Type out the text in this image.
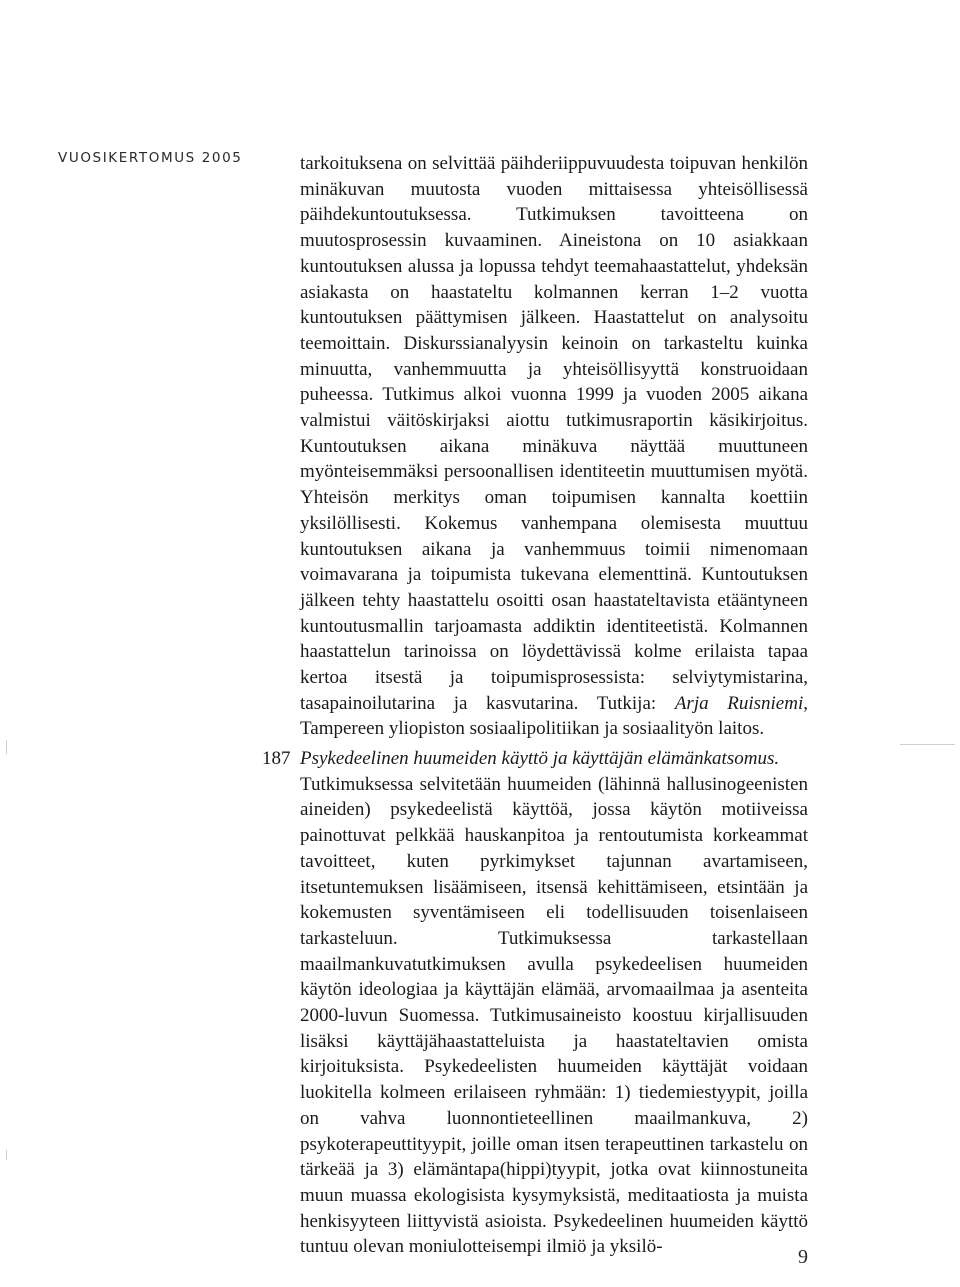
VUOSIKERTOMUS 2005	tarkoituksena on selvittää päihderiippuvuudesta toipuvan henkilön minäkuvan muutosta vuoden mittaisessa yhteisöllisessä päihdekuntoutuksessa. Tutkimuksen tavoitteena on muutosprosessin kuvaaminen. Aineistona on 10 asiakkaan kuntoutuksen alussa ja lopussa tehdyt teemahaastattelut, yhdeksän asiakasta on haastateltu kolmannen kerran 1–2 vuotta kuntoutuksen päättymisen jälkeen. Haastattelut on analysoitu teemoittain. Diskurssianalyysin keinoin on tarkasteltu kuinka minuutta, vanhemmuutta ja yhteisöllisyyttä konstruoidaan puheessa. Tutkimus alkoi vuonna 1999 ja vuoden 2005 aikana valmistui väitöskirjaksi aiottu tutkimusraportin käsikirjoitus. Kuntoutuksen aikana minäkuva näyttää muuttuneen myönteisemmäksi persoonallisen identiteetin muuttumisen myötä. Yhteisön merkitys oman toipumisen kannalta koettiin yksilöllisesti. Kokemus vanhempana olemisesta muuttuu kuntoutuksen aikana ja vanhemmuus toimii nimenomaan voimavarana ja toipumista tukevana elementtinä. Kuntoutuksen jälkeen tehty haastattelu osoitti osan haastateltavista etääntyneen kuntoutusmallin tarjoamasta addiktin identiteetistä. Kolmannen haastattelun tarinoissa on löydettävissä kolme erilaista tapaa kertoa itsestä ja toipumisprosessista: selviytymistarina, tasapainoilutarina ja kasvutarina. Tutkija: Arja Ruisniemi, Tampereen yliopiston sosiaalipolitiikan ja sosiaalityön laitos.

187 Psykedeelinen huumeiden käyttö ja käyttäjän elämänkatsomus.

Tutkimuksessa selvitetään huumeiden (lähinnä hallusinogeenisten aineiden) psykedeelistä käyttöä, jossa käytön motiiveissa painottuvat pelkkää hauskanpitoa ja rentoutumista korkeammat tavoitteet, kuten pyrkimykset tajunnan avartamiseen, itsetuntemuksen lisäämiseen, itsensä kehittämiseen, etsintään ja kokemusten syventämiseen eli todellisuuden toisenlaiseen tarkasteluun. Tutkimuksessa tarkastellaan maailmankuvatutkimuksen avulla psykedeelisen huumeiden käytön ideologiaa ja käyttäjän elämää, arvomaailmaa ja asenteita 2000-luvun Suomessa. Tutkimusaineisto koostuu kirjallisuuden lisäksi käyttäjähaastatteluista ja haastateltavien omista kirjoituksista. Psykedeelisten huumeiden käyttäjät voidaan luokitella kolmeen erilaiseen ryhmään: 1) tiedemiestyypit, joilla on vahva luonnontieteellinen maailmankuva, 2) psykoterapeuttityypit, joille oman itsen terapeuttinen tarkastelu on tärkeää ja 3) elämäntapa(hippi)tyypit, jotka ovat kiinnostuneita muun muassa ekologisista kysymyksistä, meditaatiosta ja muista henkisyyteen liittyvistä asioista. Psykedeelinen huumeiden käyttö tuntuu olevan moniulotteisempi ilmiö ja yksilö-	9
